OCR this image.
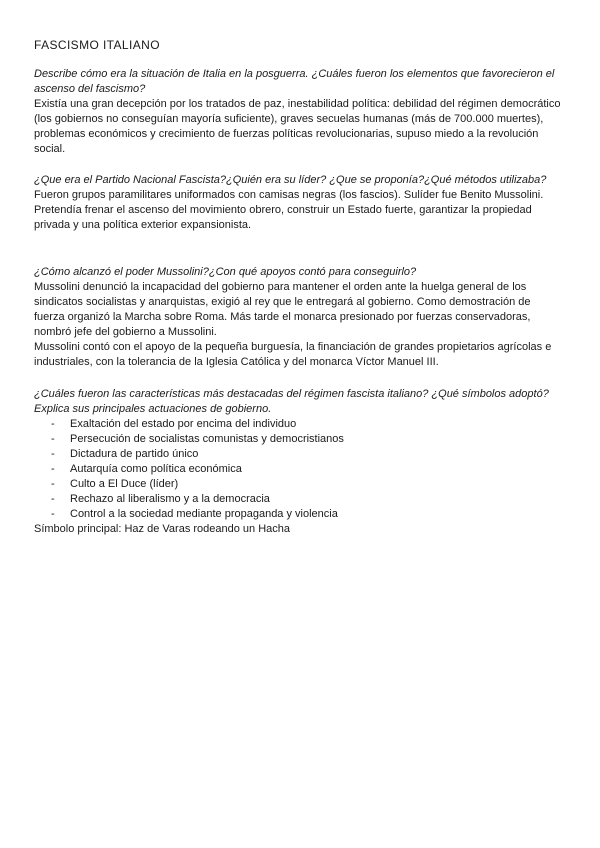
FASCISMO ITALIANO

Describe cómo era la situación de Italia en la posguerra. ¿Cuáles fueron los elementos que favorecieron el ascenso del fascismo?

Existía una gran decepción por los tratados de paz, inestabilidad política: debilidad del régimen democrático (los gobiernos no conseguían mayoría suficiente), graves secuelas humanas (más de 700.000 muertes), problemas económicos y crecimiento de fuerzas políticas revolucionarias, supuso miedo a la revolución social.

¿Que era el Partido Nacional Fascista?¿Quién era su líder? ¿Que se proponía?¿Qué métodos utilizaba?

Fueron grupos paramilitares uniformados con camisas negras (los fascios). Sulíder fue Benito Mussolini. Pretendía frenar el ascenso del movimiento obrero, construir un Estado fuerte, garantizar la propiedad privada y una política exterior expansionista.

¿Cómo alcanzó el poder Mussolini?¿Con qué apoyos contó para conseguirlo?

Mussolini denunció la incapacidad del gobierno para mantener el orden ante la huelga general de los sindicatos socialistas y anarquistas, exigió al rey que le entregará al gobierno. Como demostración de fuerza organizó la Marcha sobre Roma. Más tarde el monarca presionado por fuerzas conservadoras, nombró jefe del gobierno a Mussolini.

Mussolini contó con el apoyo de la pequeña burguesía, la financiación de grandes propietarios agrícolas e industriales, con la tolerancia de la Iglesia Católica y del monarca Víctor Manuel III.

¿Cuáles fueron las características más destacadas del régimen fascista italiano? ¿Qué símbolos adoptó? Explica sus principales actuaciones de gobierno.

- Exaltación del estado por encima del individuo
- Persecución de socialistas comunistas y democristianos
- Dictadura de partido único
- Autarquía como política económica
- Culto a El Duce (líder)
- Rechazo al liberalismo y a la democracia
- Control a la sociedad mediante propaganda y violencia

Símbolo principal: Haz de Varas rodeando un Hacha
